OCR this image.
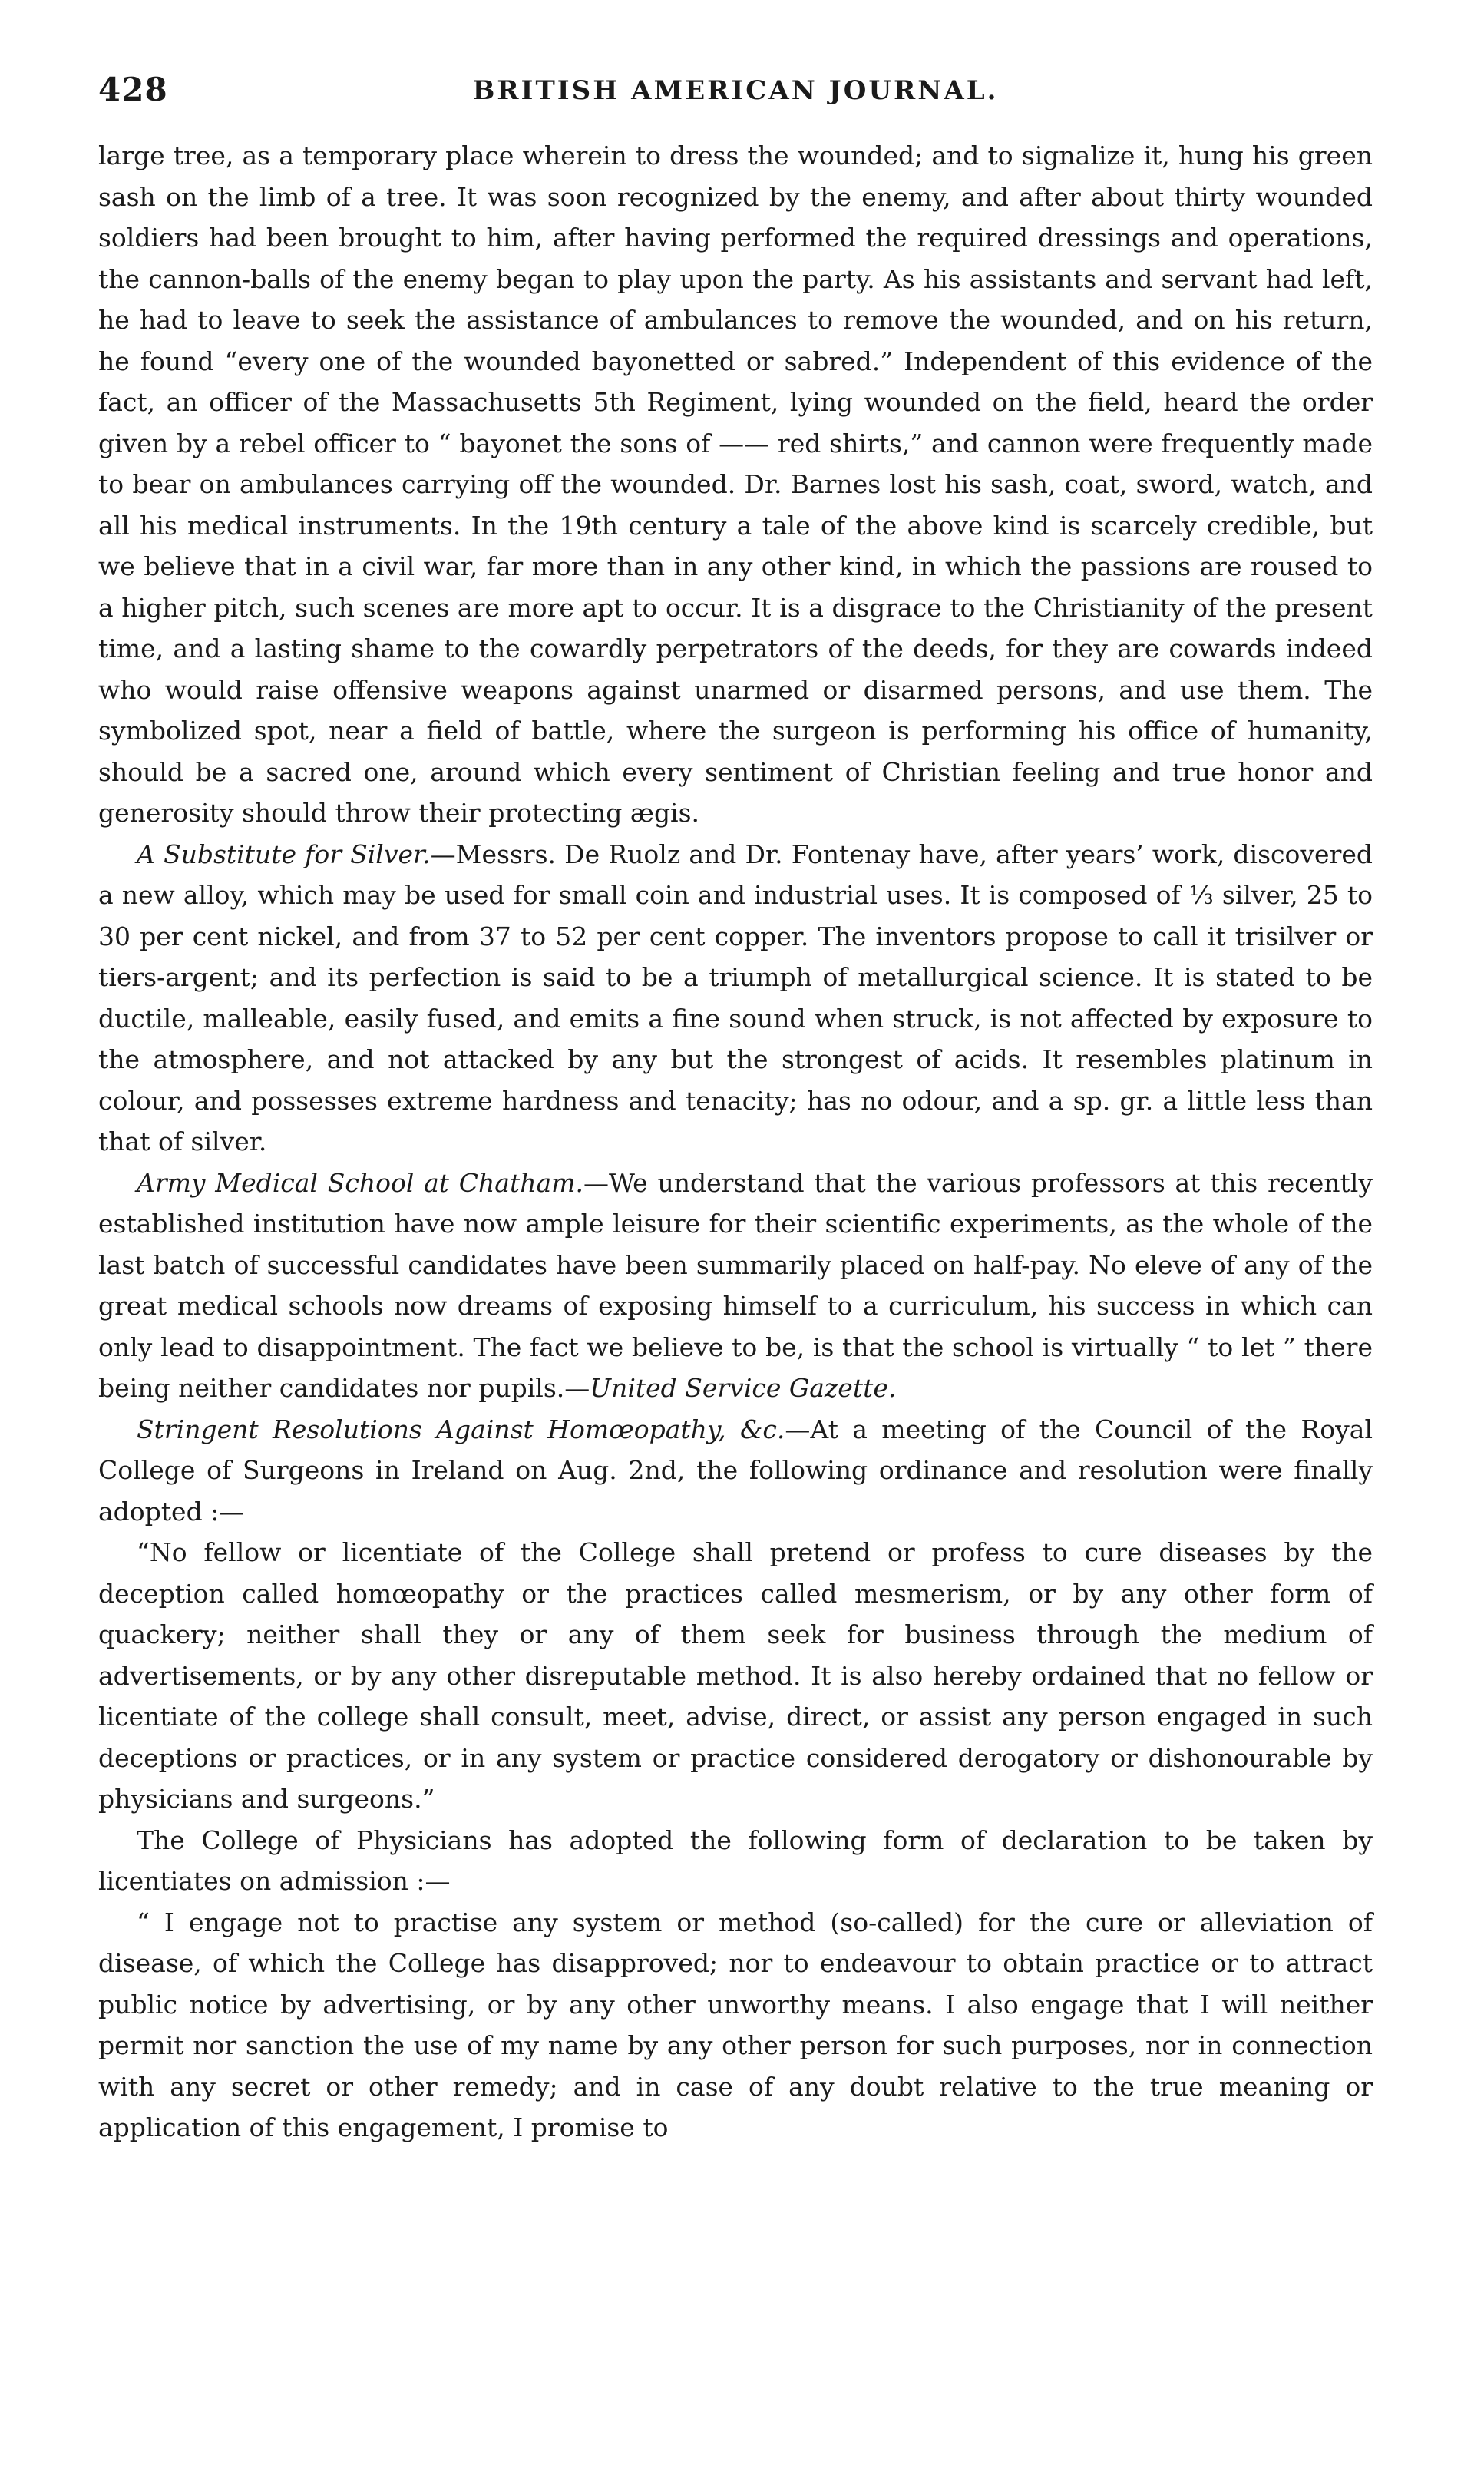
428	BRITISH AMERICAN JOURNAL.

large tree, as a temporary place wherein to dress the wounded; and to signalize it, hung his green sash on the limb of a tree. It was soon recognized by the enemy, and after about thirty wounded soldiers had been brought to him, after having performed the required dressings and operations, the cannon-balls of the enemy began to play upon the party. As his assistants and servant had left, he had to leave to seek the assistance of ambulances to remove the wounded, and on his return, he found “every one of the wounded bayonetted or sabred.” Independent of this evidence of the fact, an officer of the Massachusetts 5th Regiment, lying wounded on the field, heard the order given by a rebel officer to “ bayonet the sons of —— red shirts,” and cannon were frequently made to bear on ambulances carrying off the wounded. Dr. Barnes lost his sash, coat, sword, watch, and all his medical instruments. In the 19th century a tale of the above kind is scarcely credible, but we believe that in a civil war, far more than in any other kind, in which the passions are roused to a higher pitch, such scenes are more apt to occur. It is a disgrace to the Christianity of the present time, and a lasting shame to the cowardly perpetrators of the deeds, for they are cowards indeed who would raise offensive weapons against unarmed or disarmed persons, and use them. The symbolized spot, near a field of battle, where the surgeon is performing his office of humanity, should be a sacred one, around which every sentiment of Christian feeling and true honor and generosity should throw their protecting ægis.

A Substitute for Silver.—Messrs. De Ruolz and Dr. Fontenay have, after years’ work, discovered a new alloy, which may be used for small coin and industrial uses. It is composed of ⅓ silver, 25 to 30 per cent nickel, and from 37 to 52 per cent copper. The inventors propose to call it trisilver or tiers-argent; and its perfection is said to be a triumph of metallurgical science. It is stated to be ductile, malleable, easily fused, and emits a fine sound when struck, is not affected by exposure to the atmosphere, and not attacked by any but the strongest of acids. It resembles platinum in colour, and possesses extreme hardness and tenacity; has no odour, and a sp. gr. a little less than that of silver.

Army Medical School at Chatham.—We understand that the various professors at this recently established institution have now ample leisure for their scientific experiments, as the whole of the last batch of successful candidates have been summarily placed on half-pay. No eleve of any of the great medical schools now dreams of exposing himself to a curriculum, his success in which can only lead to disappointment. The fact we believe to be, is that the school is virtually “ to let ” there being neither candidates nor pupils.—United Service Gazette.

Stringent Resolutions Against Homœopathy, &c.—At a meeting of the Council of the Royal College of Surgeons in Ireland on Aug. 2nd, the following ordinance and resolution were finally adopted :—

“No fellow or licentiate of the College shall pretend or profess to cure diseases by the deception called homœopathy or the practices called mesmerism, or by any other form of quackery; neither shall they or any of them seek for business through the medium of advertisements, or by any other disreputable method. It is also hereby ordained that no fellow or licentiate of the college shall consult, meet, advise, direct, or assist any person engaged in such deceptions or practices, or in any system or practice considered derogatory or dishonourable by physicians and surgeons.”

The College of Physicians has adopted the following form of declaration to be taken by licentiates on admission :—

“ I engage not to practise any system or method (so-called) for the cure or alleviation of disease, of which the College has disapproved; nor to endeavour to obtain practice or to attract public notice by advertising, or by any other unworthy means. I also engage that I will neither permit nor sanction the use of my name by any other person for such purposes, nor in connection with any secret or other remedy; and in case of any doubt relative to the true meaning or application of this engagement, I promise to
